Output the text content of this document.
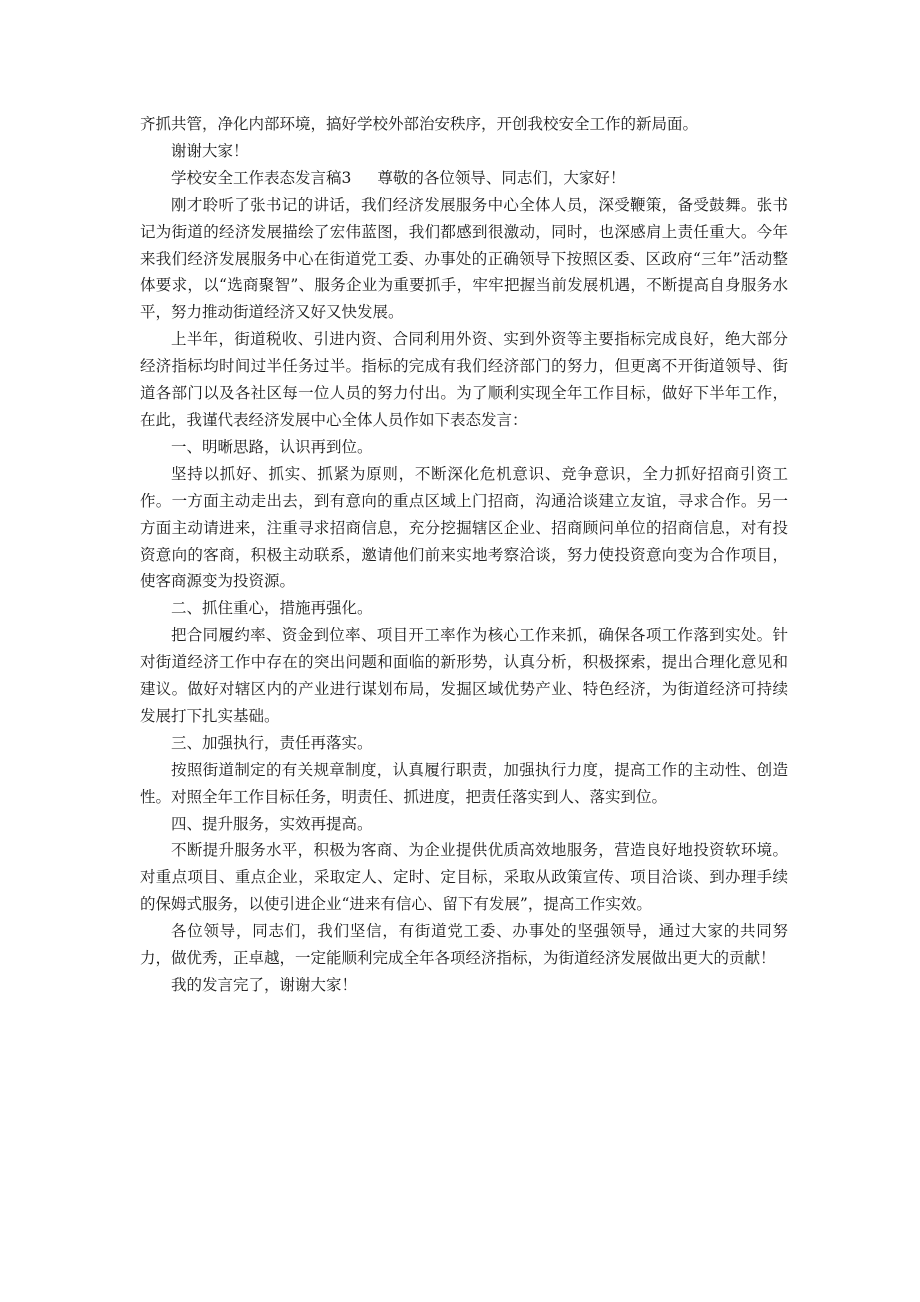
齐抓共管，净化内部环境，搞好学校外部治安秩序，开创我校安全工作的新局面。

谢谢大家！

学校安全工作表态发言稿3 尊敬的各位领导、同志们，大家好！

刚才聆听了张书记的讲话，我们经济发展服务中心全体人员，深受鞭策，备受鼓舞。张书记为街道的经济发展描绘了宏伟蓝图，我们都感到很激动，同时，也深感肩上责任重大。今年来我们经济发展服务中心在街道党工委、办事处的正确领导下按照区委、区政府“三年”活动整体要求，以“选商聚智”、服务企业为重要抓手，牢牢把握当前发展机遇，不断提高自身服务水平，努力推动街道经济又好又快发展。

上半年，街道税收、引进内资、合同利用外资、实到外资等主要指标完成良好，绝大部分经济指标均时间过半任务过半。指标的完成有我们经济部门的努力，但更离不开街道领导、街道各部门以及各社区每一位人员的努力付出。为了顺利实现全年工作目标，做好下半年工作，在此，我谨代表经济发展中心全体人员作如下表态发言：

一、明晰思路，认识再到位。

坚持以抓好、抓实、抓紧为原则，不断深化危机意识、竞争意识，全力抓好招商引资工作。一方面主动走出去，到有意向的重点区域上门招商，沟通洽谈建立友谊，寻求合作。另一方面主动请进来，注重寻求招商信息，充分挖掘辖区企业、招商顾问单位的招商信息，对有投资意向的客商，积极主动联系，邀请他们前来实地考察洽谈，努力使投资意向变为合作项目，使客商源变为投资源。

二、抓住重心，措施再强化。

把合同履约率、资金到位率、项目开工率作为核心工作来抓，确保各项工作落到实处。针对街道经济工作中存在的突出问题和面临的新形势，认真分析，积极探索，提出合理化意见和建议。做好对辖区内的产业进行谋划布局，发掘区域优势产业、特色经济，为街道经济可持续发展打下扎实基础。

三、加强执行，责任再落实。

按照街道制定的有关规章制度，认真履行职责，加强执行力度，提高工作的主动性、创造性。对照全年工作目标任务，明责任、抓进度，把责任落实到人、落实到位。

四、提升服务，实效再提高。

不断提升服务水平，积极为客商、为企业提供优质高效地服务，营造良好地投资软环境。对重点项目、重点企业，采取定人、定时、定目标，采取从政策宣传、项目洽谈、到办理手续的保姆式服务，以使引进企业“进来有信心、留下有发展”，提高工作实效。

各位领导，同志们，我们坚信，有街道党工委、办事处的坚强领导，通过大家的共同努力，做优秀，正卓越，一定能顺利完成全年各项经济指标，为街道经济发展做出更大的贡献！

我的发言完了，谢谢大家！
